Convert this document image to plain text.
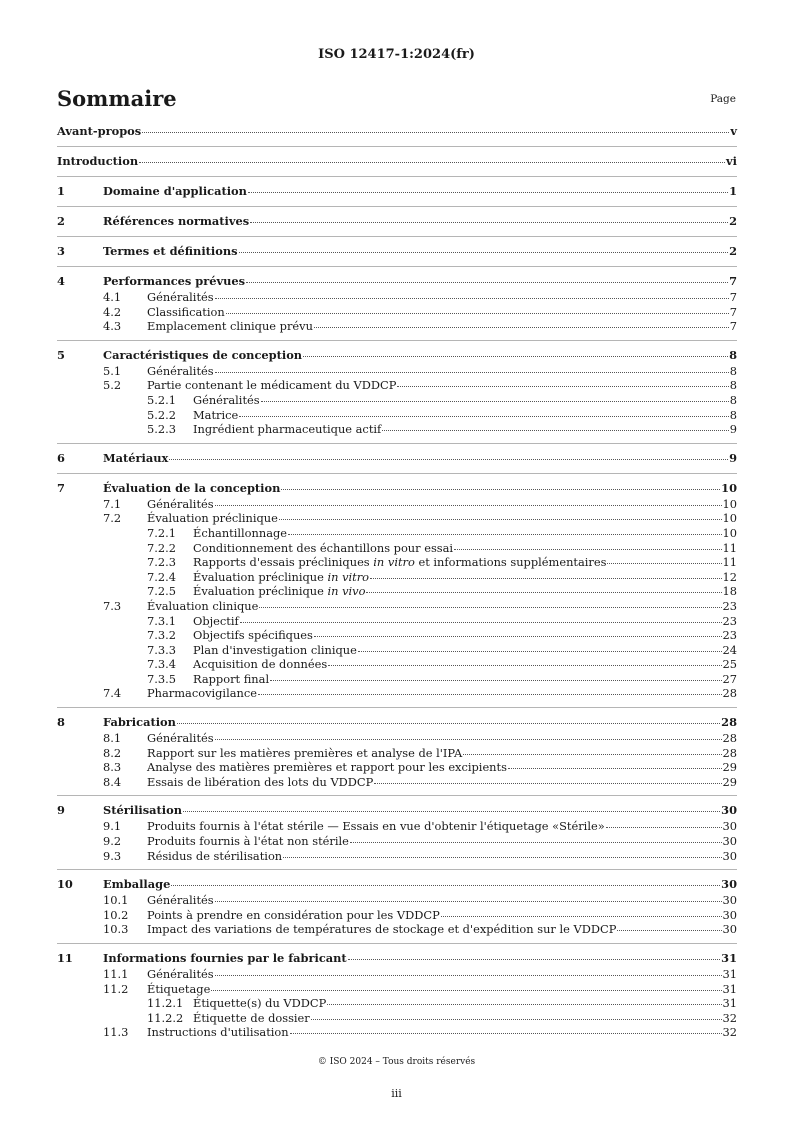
ISO 12417-1:2024(fr)
Sommaire	Page
Avant-propos	v
Introduction	vi
1	Domaine d'application	1
2	Références normatives	2
3	Termes et définitions	2
4	Performances prévues	7
4.1	Généralités	7
4.2	Classification	7
4.3	Emplacement clinique prévu	7
5	Caractéristiques de conception	8
5.1	Généralités	8
5.2	Partie contenant le médicament du VDDCP	8
5.2.1	Généralités	8
5.2.2	Matrice	8
5.2.3	Ingrédient pharmaceutique actif	9
6	Matériaux	9
7	Évaluation de la conception	10
7.1	Généralités	10
7.2	Évaluation préclinique	10
7.2.1	Échantillonnage	10
7.2.2	Conditionnement des échantillons pour essai	11
7.2.3	Rapports d'essais précliniques in vitro et informations supplémentaires	11
7.2.4	Évaluation préclinique in vitro	12
7.2.5	Évaluation préclinique in vivo	18
7.3	Évaluation clinique	23
7.3.1	Objectif	23
7.3.2	Objectifs spécifiques	23
7.3.3	Plan d'investigation clinique	24
7.3.4	Acquisition de données	25
7.3.5	Rapport final	27
7.4	Pharmacovigilance	28
8	Fabrication	28
8.1	Généralités	28
8.2	Rapport sur les matières premières et analyse de l'IPA	28
8.3	Analyse des matières premières et rapport pour les excipients	29
8.4	Essais de libération des lots du VDDCP	29
9	Stérilisation	30
9.1	Produits fournis à l'état stérile — Essais en vue d'obtenir l'étiquetage «Stérile»	30
9.2	Produits fournis à l'état non stérile	30
9.3	Résidus de stérilisation	30
10	Emballage	30
10.1	Généralités	30
10.2	Points à prendre en considération pour les VDDCP	30
10.3	Impact des variations de températures de stockage et d'expédition sur le VDDCP	30
11	Informations fournies par le fabricant	31
11.1	Généralités	31
11.2	Étiquetage	31
11.2.1 Étiquette(s) du VDDCP	31
11.2.2 Étiquette de dossier	32
11.3	Instructions d'utilisation	32
© ISO 2024 – Tous droits réservés
iii
